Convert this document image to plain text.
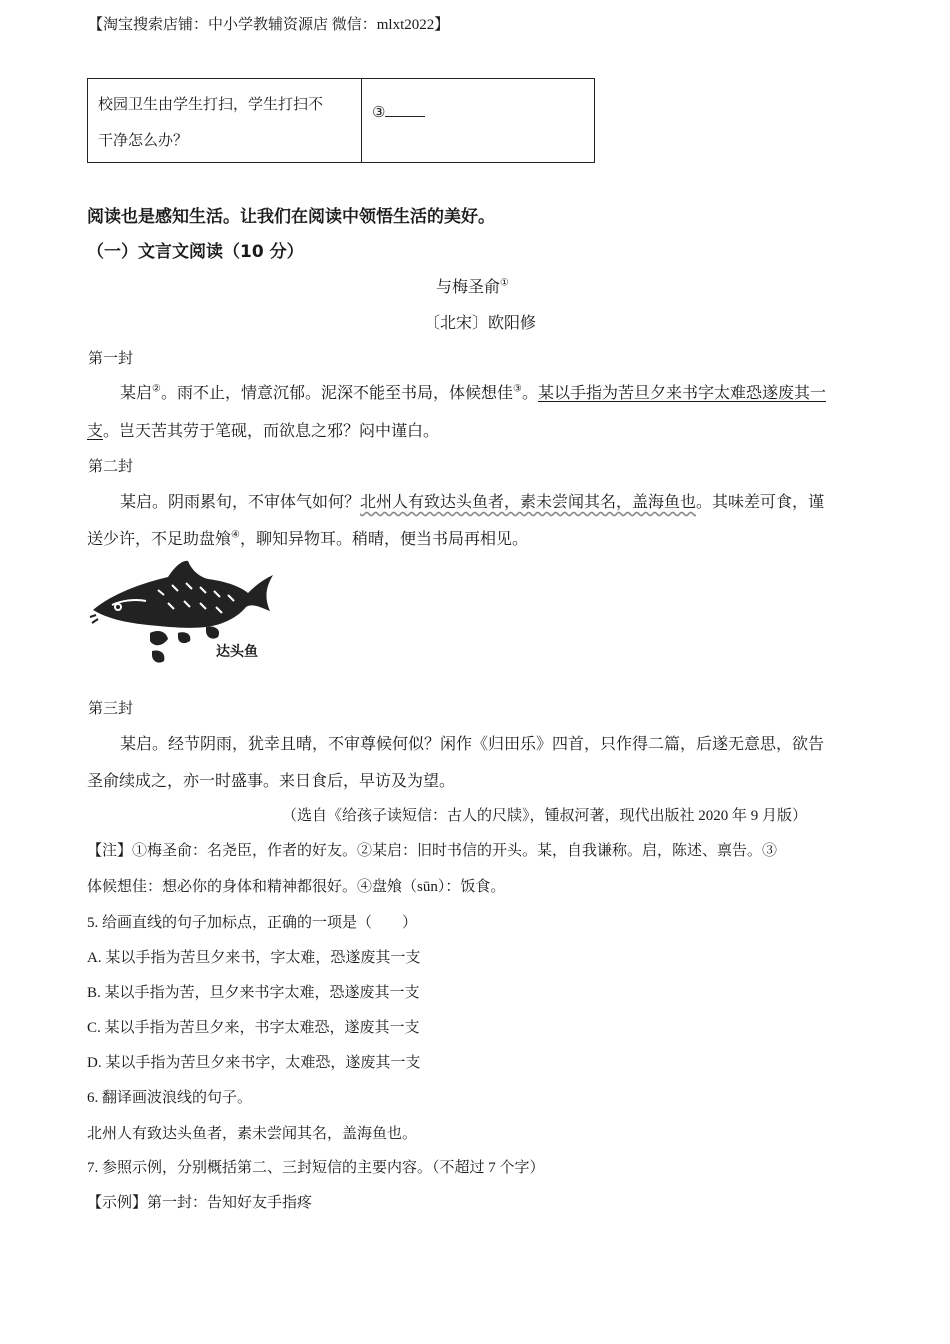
【淘宝搜索店铺：中小学教辅资源店 微信：mlxt2022】
校园卫生由学生打扫，学生打扫不
干净怎么办？
③
阅读也是感知生活。让我们在阅读中领悟生活的美好。
（一）文言文阅读（10 分）
与梅圣俞①
〔北宋〕欧阳修
第一封
某启②。雨不止，情意沉郁。泥深不能至书局，体候想佳③。某以手指为苦旦夕来书字太难恐遂废其一
支。岂天苦其劳于笔砚，而欲息之邪？闷中谨白。
第二封
某启。阴雨累旬，不审体气如何？北州人有致达头鱼者，素未尝闻其名，盖海鱼也。其味差可食，谨
送少许，不足助盘飧④，聊知异物耳。稍晴，便当书局再相见。
达头鱼
第三封
某启。经节阴雨，犹幸且晴，不审尊候何似？闲作《归田乐》四首，只作得二篇，后遂无意思，欲告
圣俞续成之，亦一时盛事。来日食后，早访及为望。
（选自《给孩子读短信：古人的尺牍》，锺叔河著，现代出版社 2020 年 9 月版）
【注】①梅圣俞：名尧臣，作者的好友。②某启：旧时书信的开头。某，自我谦称。启，陈述、禀告。③
体候想佳：想必你的身体和精神都很好。④盘飧（sūn）：饭食。
5. 给画直线的句子加标点，正确的一项是（　　）
A. 某以手指为苦旦夕来书，字太难，恐遂废其一支
B. 某以手指为苦，旦夕来书字太难，恐遂废其一支
C. 某以手指为苦旦夕来，书字太难恐，遂废其一支
D. 某以手指为苦旦夕来书字，太难恐，遂废其一支
6. 翻译画波浪线的句子。
北州人有致达头鱼者，素未尝闻其名，盖海鱼也。
7. 参照示例，分别概括第二、三封短信的主要内容。（不超过 7 个字）
【示例】第一封：告知好友手指疼
